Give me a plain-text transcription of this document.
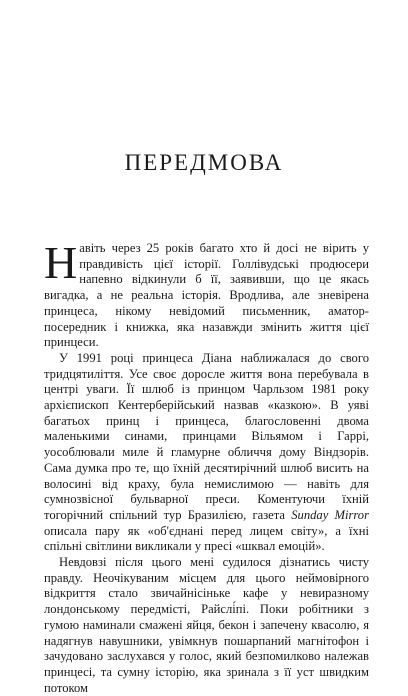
ПЕРЕДМОВА

Навіть через 25 років багато хто й досі не вірить у правдивість цієї історії. Голлівудські продюсери напевно відкинули б її, заявивши, що це якась вигадка, а не реальна історія. Вродлива, але зневірена принцеса, нікому невідомий письменник, аматор-посередник і книжка, яка назавжди змінить життя цієї принцеси.

У 1991 році принцеса Діана наближалася до свого тридцятиліття. Усе своє доросле життя вона перебувала в центрі уваги. Її шлюб із принцом Чарльзом 1981 року архієпископ Кентерберійський назвав «казкою». В уяві багатьох принц і принцеса, благословенні двома маленькими синами, принцами Вільямом і Гаррі, уособлювали миле й гламурне обличчя дому Віндзорів. Сама думка про те, що їхній десятирічний шлюб висить на волосині від краху, була немислимою — навіть для сумнозвісної бульварної преси. Коментуючи їхній тогорічний спільний тур Бразилією, газета Sunday Mirror описала пару як «об'єднані перед лицем світу», а їхні спільні світлини викликали у пресі «шквал емоцій».

Невдовзі після цього мені судилося дізнатись чисту правду. Неочікуваним місцем для цього неймовірного відкриття стало звичайнісіньке кафе у невиразному лондонському передмісті, Райслі́пі. Поки робітники з гумою наминали смажені яйця, бекон і запечену квасолю, я надягнув навушники, увімкнув пошарпаний магнітофон і зачудовано заслухався у голос, який безпомилково належав принцесі, та сумну історію, яка зринала з її уст швидким потоком
